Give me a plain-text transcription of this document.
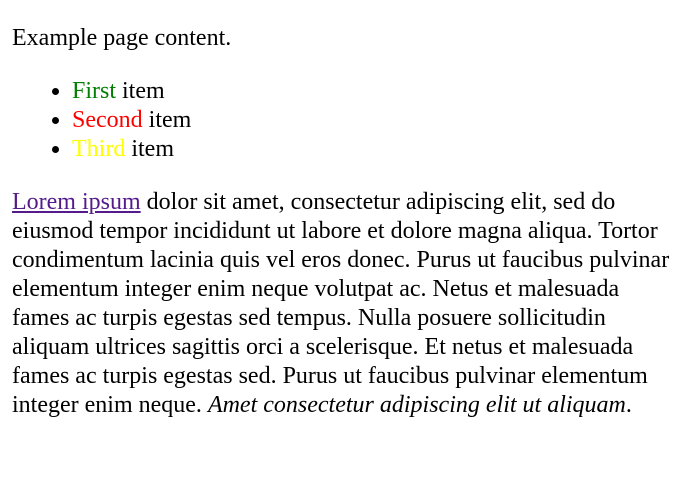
Example page content.

• First item
• Second item
• Third item

Lorem ipsum dolor sit amet, consectetur adipiscing elit, sed do eiusmod tempor incididunt ut labore et dolore magna aliqua. Tortor condimentum lacinia quis vel eros donec. Purus ut faucibus pulvinar elementum integer enim neque volutpat ac. Netus et malesuada fames ac turpis egestas sed tempus. Nulla posuere sollicitudin aliquam ultrices sagittis orci a scelerisque. Et netus et malesuada fames ac turpis egestas sed. Purus ut faucibus pulvinar elementum integer enim neque. Amet consectetur adipiscing elit ut aliquam.
